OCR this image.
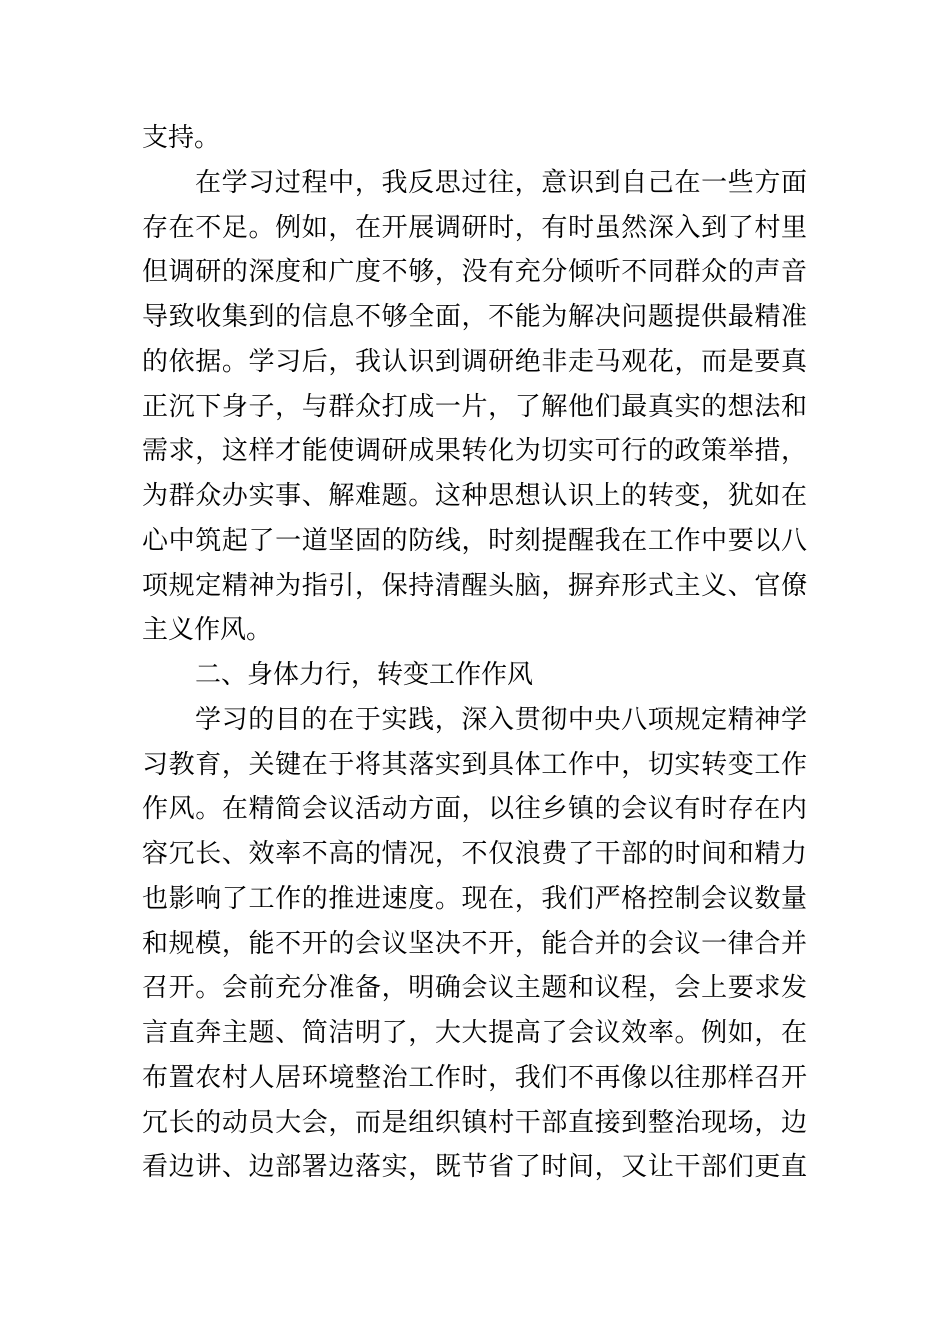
支持。
在学习过程中，我反思过往，意识到自己在一些方面
存在不足。例如，在开展调研时，有时虽然深入到了村里
但调研的深度和广度不够，没有充分倾听不同群众的声音
导致收集到的信息不够全面，不能为解决问题提供最精准
的依据。学习后，我认识到调研绝非走马观花，而是要真
正沉下身子，与群众打成一片，了解他们最真实的想法和
需求，这样才能使调研成果转化为切实可行的政策举措，
为群众办实事、解难题。这种思想认识上的转变，犹如在
心中筑起了一道坚固的防线，时刻提醒我在工作中要以八
项规定精神为指引，保持清醒头脑，摒弃形式主义、官僚
主义作风。
二、身体力行，转变工作作风
学习的目的在于实践，深入贯彻中央八项规定精神学
习教育，关键在于将其落实到具体工作中，切实转变工作
作风。在精简会议活动方面，以往乡镇的会议有时存在内
容冗长、效率不高的情况，不仅浪费了干部的时间和精力
也影响了工作的推进速度。现在，我们严格控制会议数量
和规模，能不开的会议坚决不开，能合并的会议一律合并
召开。会前充分准备，明确会议主题和议程，会上要求发
言直奔主题、简洁明了，大大提高了会议效率。例如，在
布置农村人居环境整治工作时，我们不再像以往那样召开
冗长的动员大会，而是组织镇村干部直接到整治现场，边
看边讲、边部署边落实，既节省了时间，又让干部们更直
